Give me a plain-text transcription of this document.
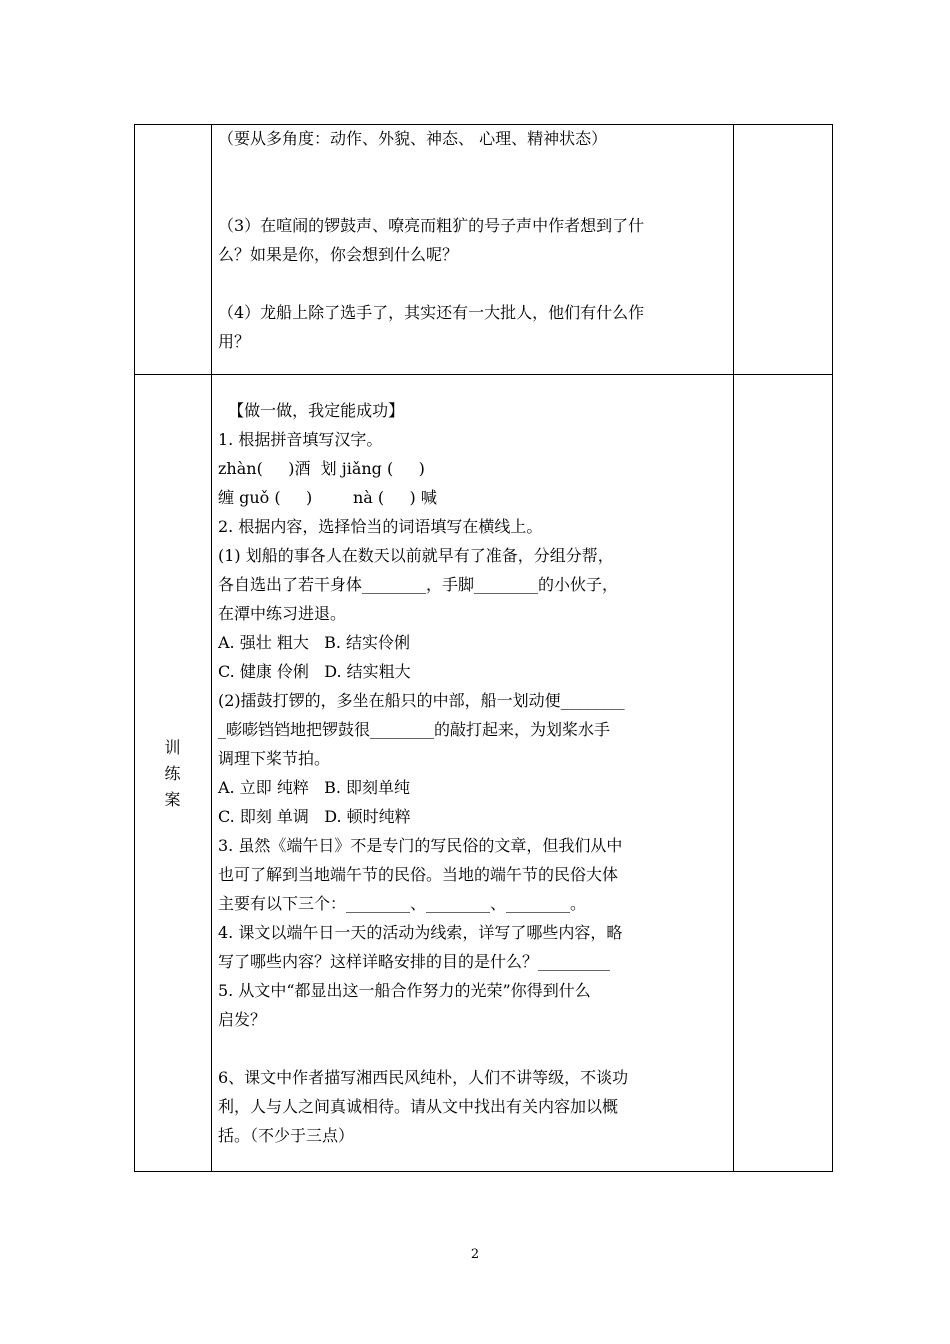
（要从多角度：动作、外貌、神态、 心理、精神状态）
（3）在喧闹的锣鼓声、嘹亮而粗犷的号子声中作者想到了什
么？如果是你，你会想到什么呢？
（4）龙船上除了选手了，其实还有一大批人，他们有什么作
用？
训
练
案
【做一做，我定能成功】
1. 根据拼音填写汉字。
zhàn(     )酒  划 jiǎng (     )
缠 guǒ (     )        nà (     ) 喊
2. 根据内容，选择恰当的词语填写在横线上。
(1) 划船的事各人在数天以前就早有了准备，分组分帮，
各自选出了若干身体________，手脚________的小伙子，
在潭中练习进退。
A. 强壮 粗大   B. 结实伶俐
C. 健康 伶俐   D. 结实粗大
(2)擂鼓打锣的，多坐在船只的中部，船一划动便________
_嘭嘭铛铛地把锣鼓很________的敲打起来，为划桨水手
调理下桨节拍。
A. 立即 纯粹   B. 即刻单纯
C. 即刻 单调   D. 顿时纯粹
3. 虽然《端午日》不是专门的写民俗的文章，但我们从中
也可了解到当地端午节的民俗。当地的端午节的民俗大体
主要有以下三个：________、________、________。
4. 课文以端午日一天的活动为线索，详写了哪些内容，略
写了哪些内容？这样详略安排的目的是什么？_________
5. 从文中“都显出这一船合作努力的光荣”你得到什么
启发？
6、课文中作者描写湘西民风纯朴，人们不讲等级，不谈功
利，人与人之间真诚相待。请从文中找出有关内容加以概
括。（不少于三点）
2
